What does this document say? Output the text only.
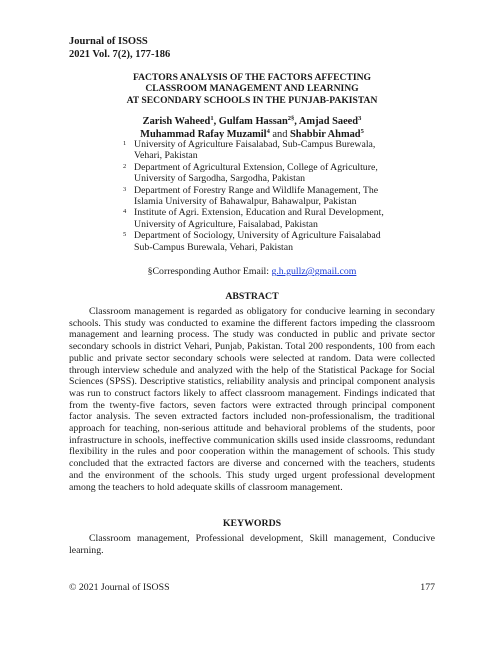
Journal of ISOSS
2021 Vol. 7(2), 177-186
FACTORS ANALYSIS OF THE FACTORS AFFECTING
CLASSROOM MANAGEMENT AND LEARNING
AT SECONDARY SCHOOLS IN THE PUNJAB-PAKISTAN
Zarish Waheed$^1$, Gulfam Hassan$^{2\S}$, Amjad Saeed$^3$
Muhammad Rafay Muzamil$^4$ and Shabbir Ahmad$^5$
1 University of Agriculture Faisalabad, Sub-Campus Burewala,
Vehari, Pakistan
2 Department of Agricultural Extension, College of Agriculture,
University of Sargodha, Sargodha, Pakistan
3 Department of Forestry Range and Wildlife Management, The
Islamia University of Bahawalpur, Bahawalpur, Pakistan
4 Institute of Agri. Extension, Education and Rural Development,
University of Agriculture, Faisalabad, Pakistan
5 Department of Sociology, University of Agriculture Faisalabad
Sub-Campus Burewala, Vehari, Pakistan
§Corresponding Author Email: g.h.gullz@gmail.com
ABSTRACT

Classroom management is regarded as obligatory for conducive learning in secondary schools. This study was conducted to examine the different factors impeding the classroom management and learning process. The study was conducted in public and private sector secondary schools in district Vehari, Punjab, Pakistan. Total 200 respondents, 100 from each public and private sector secondary schools were selected at random. Data were collected through interview schedule and analyzed with the help of the Statistical Package for Social Sciences (SPSS). Descriptive statistics, reliability analysis and principal component analysis was run to construct factors likely to affect classroom management. Findings indicated that from the twenty-five factors, seven factors were extracted through principal component factor analysis. The seven extracted factors included non-professionalism, the traditional approach for teaching, non-serious attitude and behavioral problems of the students, poor infrastructure in schools, ineffective communication skills used inside classrooms, redundant flexibility in the rules and poor cooperation within the management of schools. This study concluded that the extracted factors are diverse and concerned with the teachers, students and the environment of the schools. This study urged urgent professional development among the teachers to hold adequate skills of classroom management.

KEYWORDS

Classroom management, Professional development, Skill management, Conducive learning.

© 2021 Journal of ISOSS	177
